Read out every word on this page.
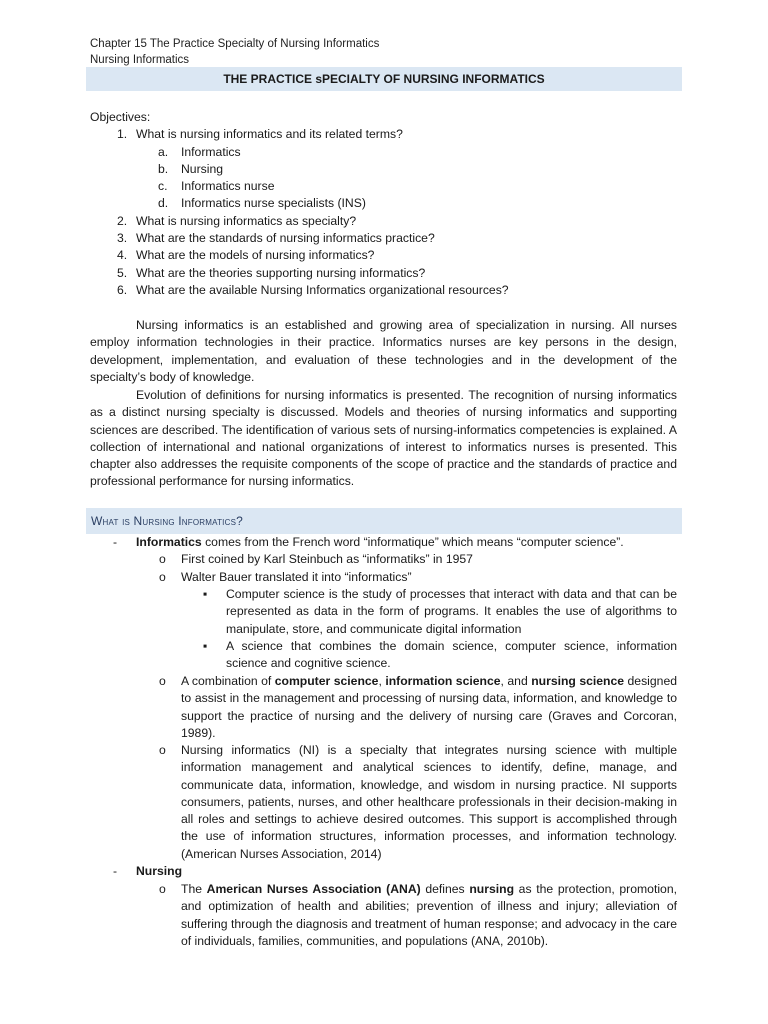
Chapter 15 The Practice Specialty of Nursing Informatics
Nursing Informatics
THE PRACTICE sPECIALTY OF NURSING INFORMATICS
Objectives:
1. What is nursing informatics and its related terms?
a. Informatics
b. Nursing
c. Informatics nurse
d. Informatics nurse specialists (INS)
2. What is nursing informatics as specialty?
3. What are the standards of nursing informatics practice?
4. What are the models of nursing informatics?
5. What are the theories supporting nursing informatics?
6. What are the available Nursing Informatics organizational resources?
Nursing informatics is an established and growing area of specialization in nursing. All nurses employ information technologies in their practice. Informatics nurses are key persons in the design, development, implementation, and evaluation of these technologies and in the development of the specialty’s body of knowledge.
Evolution of definitions for nursing informatics is presented. The recognition of nursing informatics as a distinct nursing specialty is discussed. Models and theories of nursing informatics and supporting sciences are described. The identification of various sets of nursing-informatics competencies is explained. A collection of international and national organizations of interest to informatics nurses is presented. This chapter also addresses the requisite components of the scope of practice and the standards of practice and professional performance for nursing informatics.
What is Nursing Informatics?
- Informatics comes from the French word “informatique” which means “computer science”.
o First coined by Karl Steinbuch as “informatiks” in 1957
o Walter Bauer translated it into “informatics”
▪ Computer science is the study of processes that interact with data and that can be represented as data in the form of programs. It enables the use of algorithms to manipulate, store, and communicate digital information
▪ A science that combines the domain science, computer science, information science and cognitive science.
o A combination of computer science, information science, and nursing science designed to assist in the management and processing of nursing data, information, and knowledge to support the practice of nursing and the delivery of nursing care (Graves and Corcoran, 1989).
o Nursing informatics (NI) is a specialty that integrates nursing science with multiple information management and analytical sciences to identify, define, manage, and communicate data, information, knowledge, and wisdom in nursing practice. NI supports consumers, patients, nurses, and other healthcare professionals in their decision-making in all roles and settings to achieve desired outcomes. This support is accomplished through the use of information structures, information processes, and information technology. (American Nurses Association, 2014)
- Nursing
o The American Nurses Association (ANA) defines nursing as the protection, promotion, and optimization of health and abilities; prevention of illness and injury; alleviation of suffering through the diagnosis and treatment of human response; and advocacy in the care of individuals, families, communities, and populations (ANA, 2010b).
